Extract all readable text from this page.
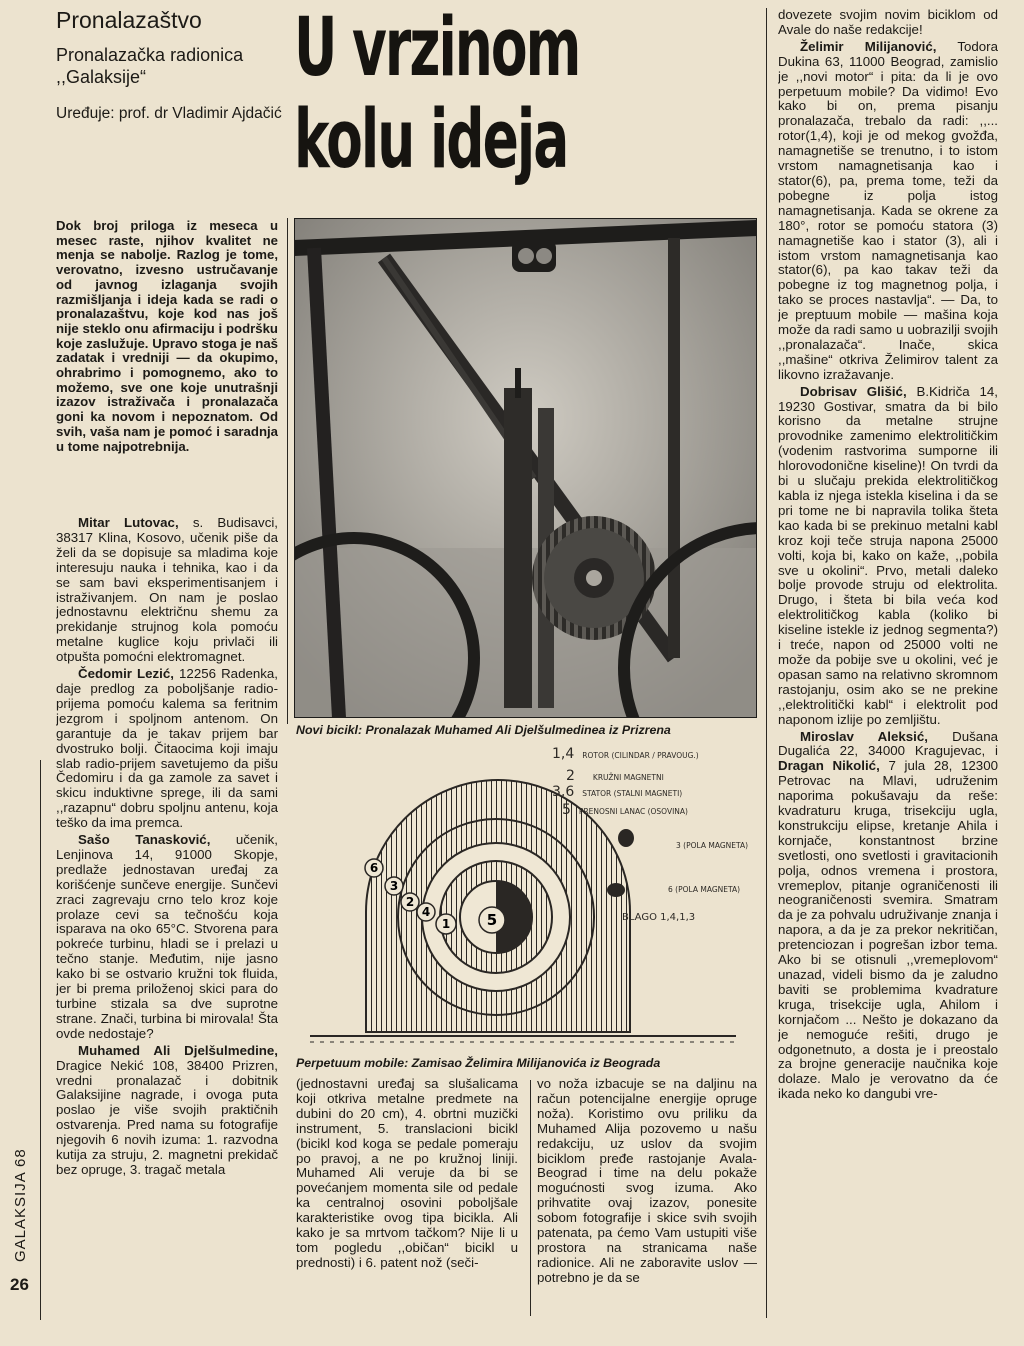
Pronalazaštvo
Pronalazačka radionica ,,Galaksije“
Uređuje: prof. dr Vladimir Ajdačić
U vrzinom
kolu ideja

Dok broj priloga iz meseca u mesec raste, njihov kvalitet ne menja se nabolje. Razlog je tome, verovatno, izvesno ustručavanje od javnog izlaganja svojih razmišljanja i ideja kada se radi o pronalazaštvu, koje kod nas još nije steklo onu afirmaciju i podršku koje zaslužuje. Upravo stoga je naš zadatak i vredniji — da okupimo, ohrabrimo i pomognemo, ako to možemo, sve one koje unutrašnji izazov istraživača i pronalazača goni ka novom i nepoznatom. Od svih, vaša nam je pomoć i saradnja u tome najpotrebnija.

Mitar Lutovac, s. Budisavci, 38317 Klina, Kosovo, učenik piše da želi da se dopisuje sa mladima koje interesuju nauka i tehnika, kao i da se sam bavi eksperimentisanjem i istraživanjem. On nam je poslao jednostavnu električnu shemu za prekidanje strujnog kola pomoću metalne kuglice koju privlači ili otpušta pomoćni elektromagnet.

Čedomir Lezić, 12256 Radenka, daje predlog za poboljšanje radio-prijema pomoću kalema sa feritnim jezgrom i spoljnom antenom. On garantuje da je takav prijem bar dvostruko bolji. Čitaocima koji imaju slab radio-prijem savetujemo da pišu Čedomiru i da ga zamole za savet i skicu induktivne sprege, ili da sami ,,razapnu“ dobru spoljnu antenu, koja teško da ima premca.

Sašo Tanasković, učenik, Lenjinova 14, 91000 Skopje, predlaže jednostavan uređaj za korišćenje sunčeve energije. Sunčevi zraci zagrevaju crno telo kroz koje prolaze cevi sa tečnošću koja isparava na oko 65°C. Stvorena para pokreće turbinu, hladi se i prelazi u tečno stanje. Međutim, nije jasno kako bi se ostvario kružni tok fluida, jer bi prema priloženoj skici para do turbine stizala sa dve suprotne strane. Znači, turbina bi mirovala! Šta ovde nedostaje?

Muhamed Ali Djelšulmedine, Dragice Nekić 108, 38400 Prizren, vredni pronalazač i dobitnik Galaksijine nagrade, i ovoga puta poslao je više svojih praktičnih ostvarenja. Pred nama su fotografije njegovih 6 novih izuma: 1. razvodna kutija za struju, 2. magnetni prekidač bez opruge, 3. tragač metala

Novi bicikl: Pronalazak Muhamed Ali Djelšulmedinea iz Prizrena
6
3
2
4
1 5
1,4 ROTOR (CILINDAR / PRAVOUG.)
2 KRUŽNI MAGNETNI
3,6 STATOR (STALNI MAGNETI)
5 PRENOSNI LANAC (OSOVINA)
3 (POLA MAGNETA)
6 (POLA MAGNETA)
BLAGO 1,4,1,3
Perpetuum mobile: Zamisao Želimira Milijanovića iz Beograda

(jednostavni uređaj sa slušalicama koji otkriva metalne predmete na dubini do 20 cm), 4. obrtni muzički instrument, 5. translacioni bicikl (bicikl kod koga se pedale pomeraju po pravoj, a ne po kružnoj liniji. Muhamed Ali veruje da bi se povećanjem momenta sile od pedale ka centralnoj osovini poboljšale karakteristike ovog tipa bicikla. Ali kako je sa mrtvom tačkom? Nije li u tom pogledu ,,običan“ bicikl u prednosti) i 6. patent nož (seči-

vo noža izbacuje se na daljinu na račun potencijalne energije opruge noža). Koristimo ovu priliku da Muhamed Alija pozovemo u našu redakciju, uz uslov da svojim biciklom pređe rastojanje Avala-Beograd i time na delu pokaže mogućnosti svog izuma. Ako prihvatite ovaj izazov, ponesite sobom fotografije i skice svih svojih patenata, pa ćemo Vam ustupiti više prostora na stranicama naše radionice. Ali ne zaboravite uslov — potrebno je da se

dovezete svojim novim biciklom od Avale do naše redakcije!

Želimir Milijanović, Todora Dukina 63, 11000 Beograd, zamislio je ,,novi motor“ i pita: da li je ovo perpetuum mobile? Da vidimo! Evo kako bi on, prema pisanju pronalazača, trebalo da radi: ,,... rotor(1,4), koji je od mekog gvožđa, namagnetiše se trenutno, i to istom vrstom namagnetisanja kao i stator(6), pa, prema tome, teži da pobegne iz polja istog namagnetisanja. Kada se okrene za 180°, rotor se pomoću statora (3) namagnetiše kao i stator (3), ali i istom vrstom namagnetisanja kao stator(6), pa kao takav teži da pobegne iz tog magnetnog polja, i tako se proces nastavlja“. — Da, to je preptuum mobile — mašina koja može da radi samo u uobrazilji svojih ,,pronalazača“. Inače, skica ,,mašine“ otkriva Želimirov talent za likovno izražavanje.

Dobrisav Glišić, B.Kidriča 14, 19230 Gostivar, smatra da bi bilo korisno da metalne strujne provodnike zamenimo elektrolitičkim (vodenim rastvorima sumporne ili hlorovodonične kiseline)! On tvrdi da bi u slučaju prekida elektrolitičkog kabla iz njega istekla kiselina i da se pri tome ne bi napravila tolika šteta kao kada bi se prekinuo metalni kabl kroz koji teče struja napona 25000 volti, koja bi, kako on kaže, ,,pobila sve u okolini“. Prvo, metali daleko bolje provode struju od elektrolita. Drugo, i šteta bi bila veća kod elektrolitičkog kabla (koliko bi kiseline istekle iz jednog segmenta?) i treće, napon od 25000 volti ne može da pobije sve u okolini, već je opasan samo na relativno skromnom rastojanju, osim ako se ne prekine ,,elektrolitički kabl“ i elektrolit pod naponom izlije po zemljištu.

Miroslav Aleksić, Dušana Dugalića 22, 34000 Kragujevac, i Dragan Nikolić, 7 jula 28, 12300 Petrovac na Mlavi, udruženim naporima pokušavaju da reše: kvadraturu kruga, trisekciju ugla, konstrukciju elipse, kretanje Ahila i kornjače, konstantnost brzine svetlosti, ono svetlosti i gravitacionih polja, odnos vremena i prostora, vremeplov, pitanje ograničenosti ili neograničenosti svemira. Smatram da je za pohvalu udruživanje znanja i napora, a da je za prekor nekritičan, pretenciozan i pogrešan izbor tema. Ako bi se otisnuli ,,vremeplovom“ unazad, videli bismo da je zaludno baviti se problemima kvadrature kruga, trisekcije ugla, Ahilom i kornjačom ... Nešto je dokazano da je nemoguće rešiti, drugo je odgonetnuto, a dosta je i preostalo za brojne generacije naučnika koje dolaze. Malo je verovatno da će ikada neko ko dangubi vre-

GALAKSIJA 68
26
